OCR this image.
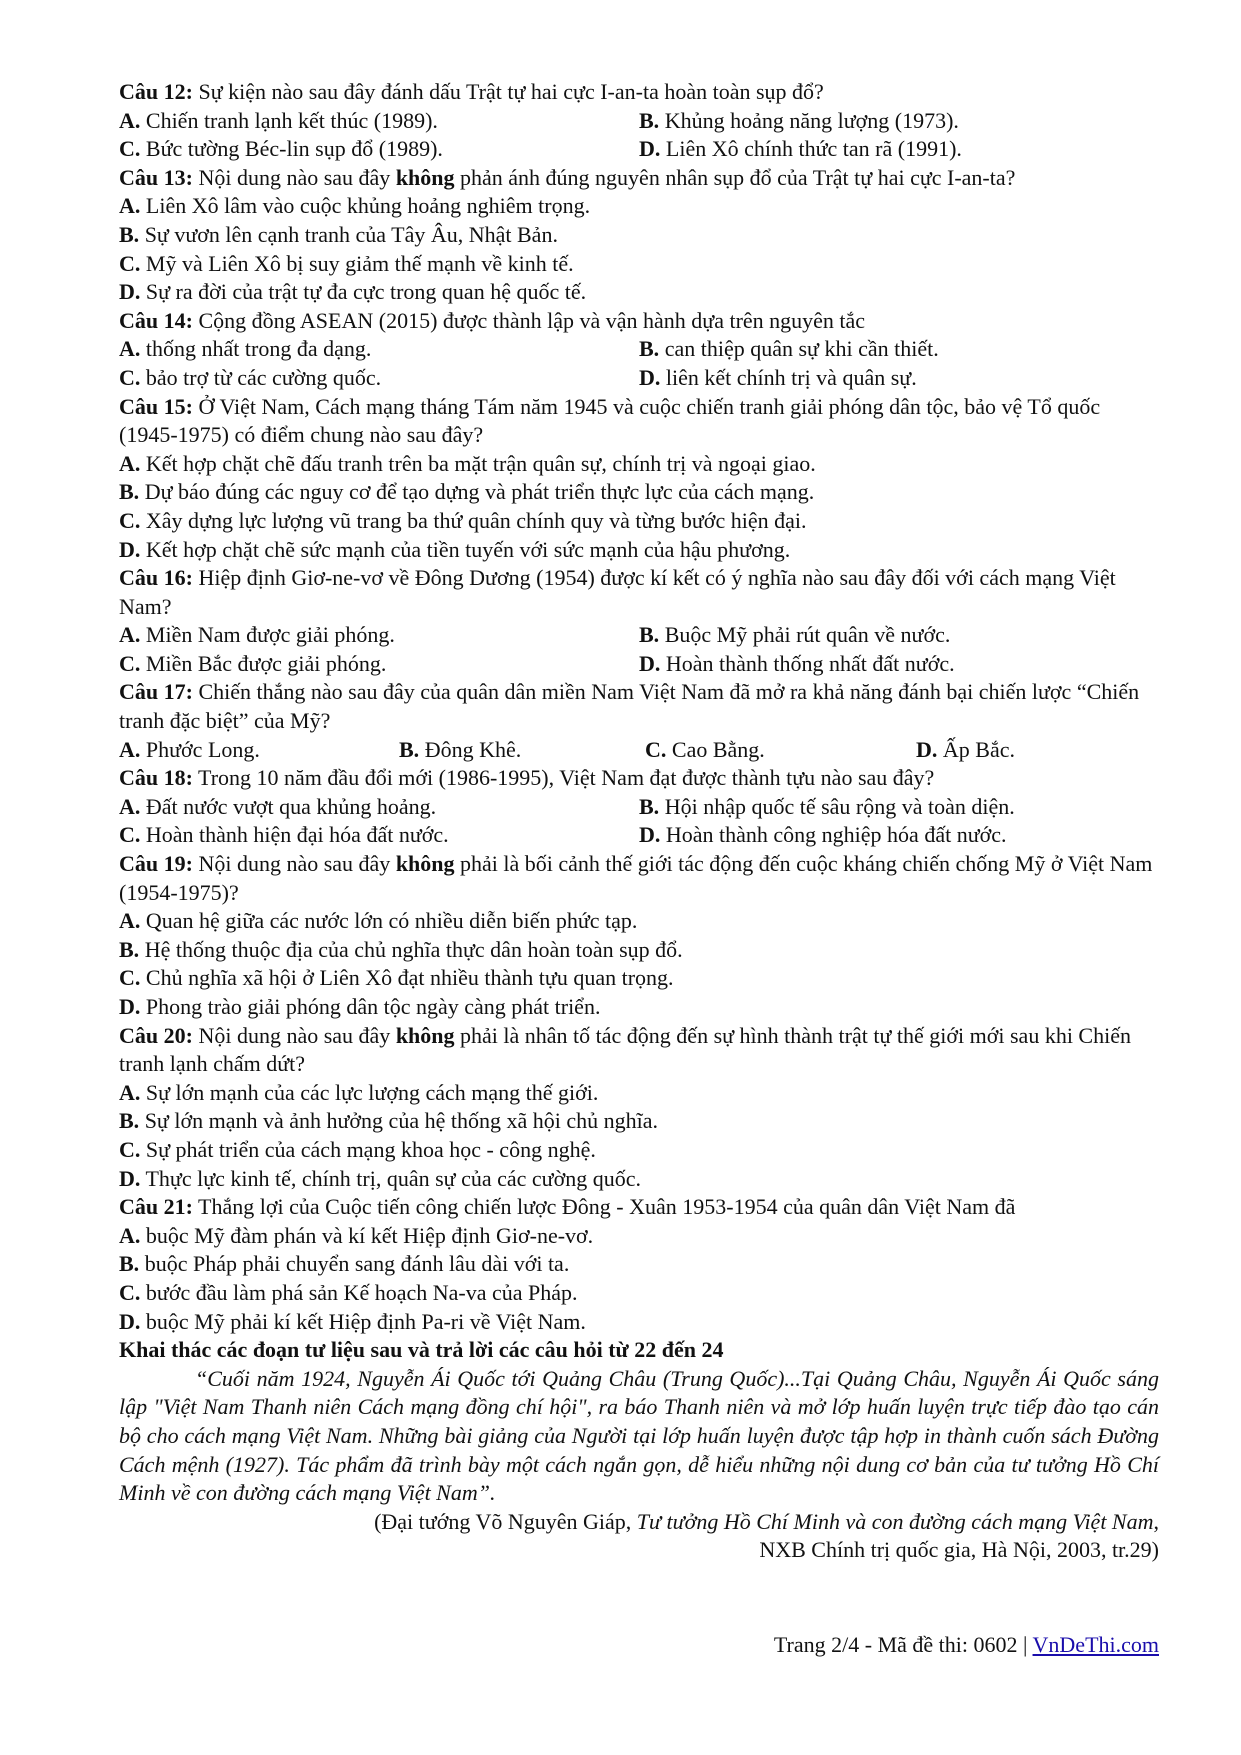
Câu 12: Sự kiện nào sau đây đánh dấu Trật tự hai cực I-an-ta hoàn toàn sụp đổ?
A. Chiến tranh lạnh kết thúc (1989).	B. Khủng hoảng năng lượng (1973).
C. Bức tường Béc-lin sụp đổ (1989).	D. Liên Xô chính thức tan rã (1991).
Câu 13: Nội dung nào sau đây không phản ánh đúng nguyên nhân sụp đổ của Trật tự hai cực I-an-ta?
A. Liên Xô lâm vào cuộc khủng hoảng nghiêm trọng.
B. Sự vươn lên cạnh tranh của Tây Âu, Nhật Bản.
C. Mỹ và Liên Xô bị suy giảm thế mạnh về kinh tế.
D. Sự ra đời của trật tự đa cực trong quan hệ quốc tế.
Câu 14: Cộng đồng ASEAN (2015) được thành lập và vận hành dựa trên nguyên tắc
A. thống nhất trong đa dạng.	B. can thiệp quân sự khi cần thiết.
C. bảo trợ từ các cường quốc.	D. liên kết chính trị và quân sự.
Câu 15: Ở Việt Nam, Cách mạng tháng Tám năm 1945 và cuộc chiến tranh giải phóng dân tộc, bảo vệ Tổ quốc (1945-1975) có điểm chung nào sau đây?
A. Kết hợp chặt chẽ đấu tranh trên ba mặt trận quân sự, chính trị và ngoại giao.
B. Dự báo đúng các nguy cơ để tạo dựng và phát triển thực lực của cách mạng.
C. Xây dựng lực lượng vũ trang ba thứ quân chính quy và từng bước hiện đại.
D. Kết hợp chặt chẽ sức mạnh của tiền tuyến với sức mạnh của hậu phương.
Câu 16: Hiệp định Giơ-ne-vơ về Đông Dương (1954) được kí kết có ý nghĩa nào sau đây đối với cách mạng Việt Nam?
A. Miền Nam được giải phóng.	B. Buộc Mỹ phải rút quân về nước.
C. Miền Bắc được giải phóng.	D. Hoàn thành thống nhất đất nước.
Câu 17: Chiến thắng nào sau đây của quân dân miền Nam Việt Nam đã mở ra khả năng đánh bại chiến lược “Chiến tranh đặc biệt” của Mỹ?
A. Phước Long.	B. Đông Khê.	C. Cao Bằng.	D. Ấp Bắc.
Câu 18: Trong 10 năm đầu đổi mới (1986-1995), Việt Nam đạt được thành tựu nào sau đây?
A. Đất nước vượt qua khủng hoảng.	B. Hội nhập quốc tế sâu rộng và toàn diện.
C. Hoàn thành hiện đại hóa đất nước.	D. Hoàn thành công nghiệp hóa đất nước.
Câu 19: Nội dung nào sau đây không phải là bối cảnh thế giới tác động đến cuộc kháng chiến chống Mỹ ở Việt Nam (1954-1975)?
A. Quan hệ giữa các nước lớn có nhiều diễn biến phức tạp.
B. Hệ thống thuộc địa của chủ nghĩa thực dân hoàn toàn sụp đổ.
C. Chủ nghĩa xã hội ở Liên Xô đạt nhiều thành tựu quan trọng.
D. Phong trào giải phóng dân tộc ngày càng phát triển.
Câu 20: Nội dung nào sau đây không phải là nhân tố tác động đến sự hình thành trật tự thế giới mới sau khi Chiến tranh lạnh chấm dứt?
A. Sự lớn mạnh của các lực lượng cách mạng thế giới.
B. Sự lớn mạnh và ảnh hưởng của hệ thống xã hội chủ nghĩa.
C. Sự phát triển của cách mạng khoa học - công nghệ.
D. Thực lực kinh tế, chính trị, quân sự của các cường quốc.
Câu 21: Thắng lợi của Cuộc tiến công chiến lược Đông - Xuân 1953-1954 của quân dân Việt Nam đã
A. buộc Mỹ đàm phán và kí kết Hiệp định Giơ-ne-vơ.
B. buộc Pháp phải chuyển sang đánh lâu dài với ta.
C. bước đầu làm phá sản Kế hoạch Na-va của Pháp.
D. buộc Mỹ phải kí kết Hiệp định Pa-ri về Việt Nam.
Khai thác các đoạn tư liệu sau và trả lời các câu hỏi từ 22 đến 24
“Cuối năm 1924, Nguyễn Ái Quốc tới Quảng Châu (Trung Quốc)...Tại Quảng Châu, Nguyễn Ái Quốc sáng lập "Việt Nam Thanh niên Cách mạng đồng chí hội", ra báo Thanh niên và mở lớp huấn luyện trực tiếp đào tạo cán bộ cho cách mạng Việt Nam. Những bài giảng của Người tại lớp huấn luyện được tập hợp in thành cuốn sách Đường Cách mệnh (1927). Tác phẩm đã trình bày một cách ngắn gọn, dễ hiểu những nội dung cơ bản của tư tưởng Hồ Chí Minh về con đường cách mạng Việt Nam”.
(Đại tướng Võ Nguyên Giáp, Tư tưởng Hồ Chí Minh và con đường cách mạng Việt Nam,
NXB Chính trị quốc gia, Hà Nội, 2003, tr.29)
Trang 2/4 - Mã đề thi: 0602 | VnDeThi.com
